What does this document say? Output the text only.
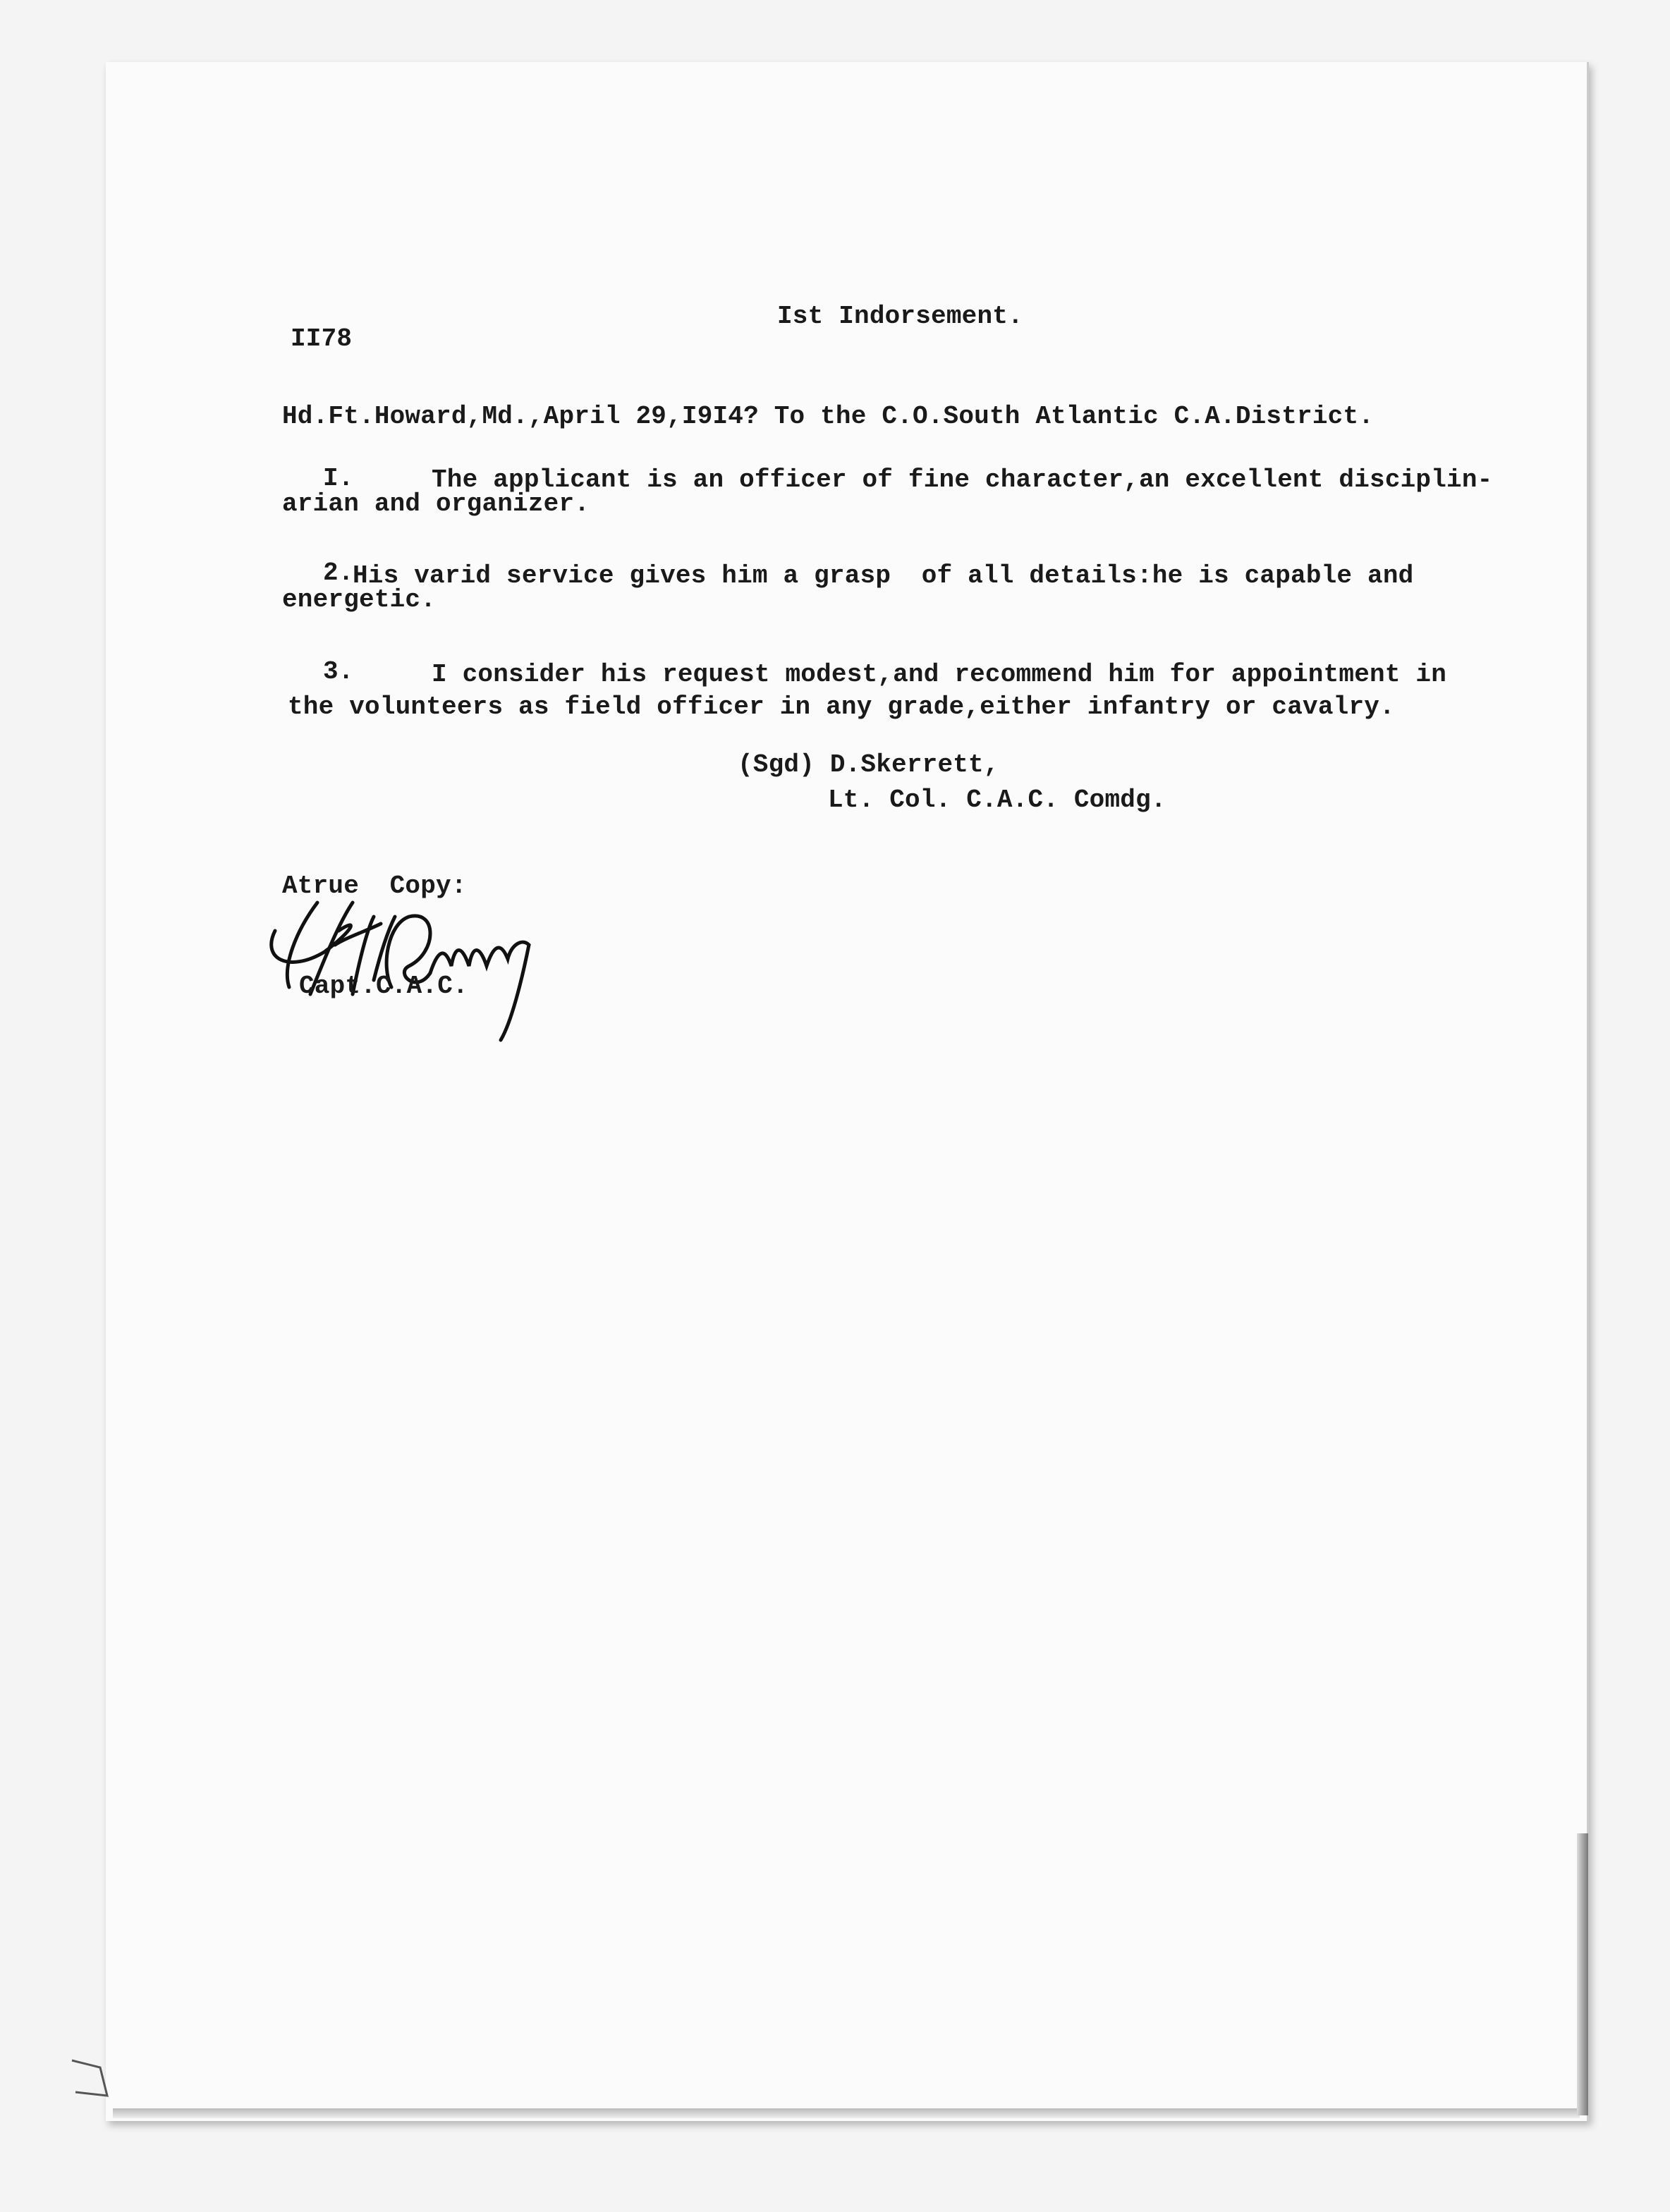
Ist Indorsement.
II78
Hd.Ft.Howard,Md.,April 29,I9I4? To the C.O.South Atlantic C.A.District.
I.	The applicant is an officer of fine character,an excellent disciplin-
arian and organizer.
2.
His varid service gives him a grasp  of all details:he is capable and
energetic.
3.	I consider his request modest,and recommend him for appointment in
the volunteers as field officer in any grade,either infantry or cavalry.
(Sgd) D.Skerrett,
Lt. Col. C.A.C. Comdg.
Atrue  Copy:
Capt.C.A.C.
